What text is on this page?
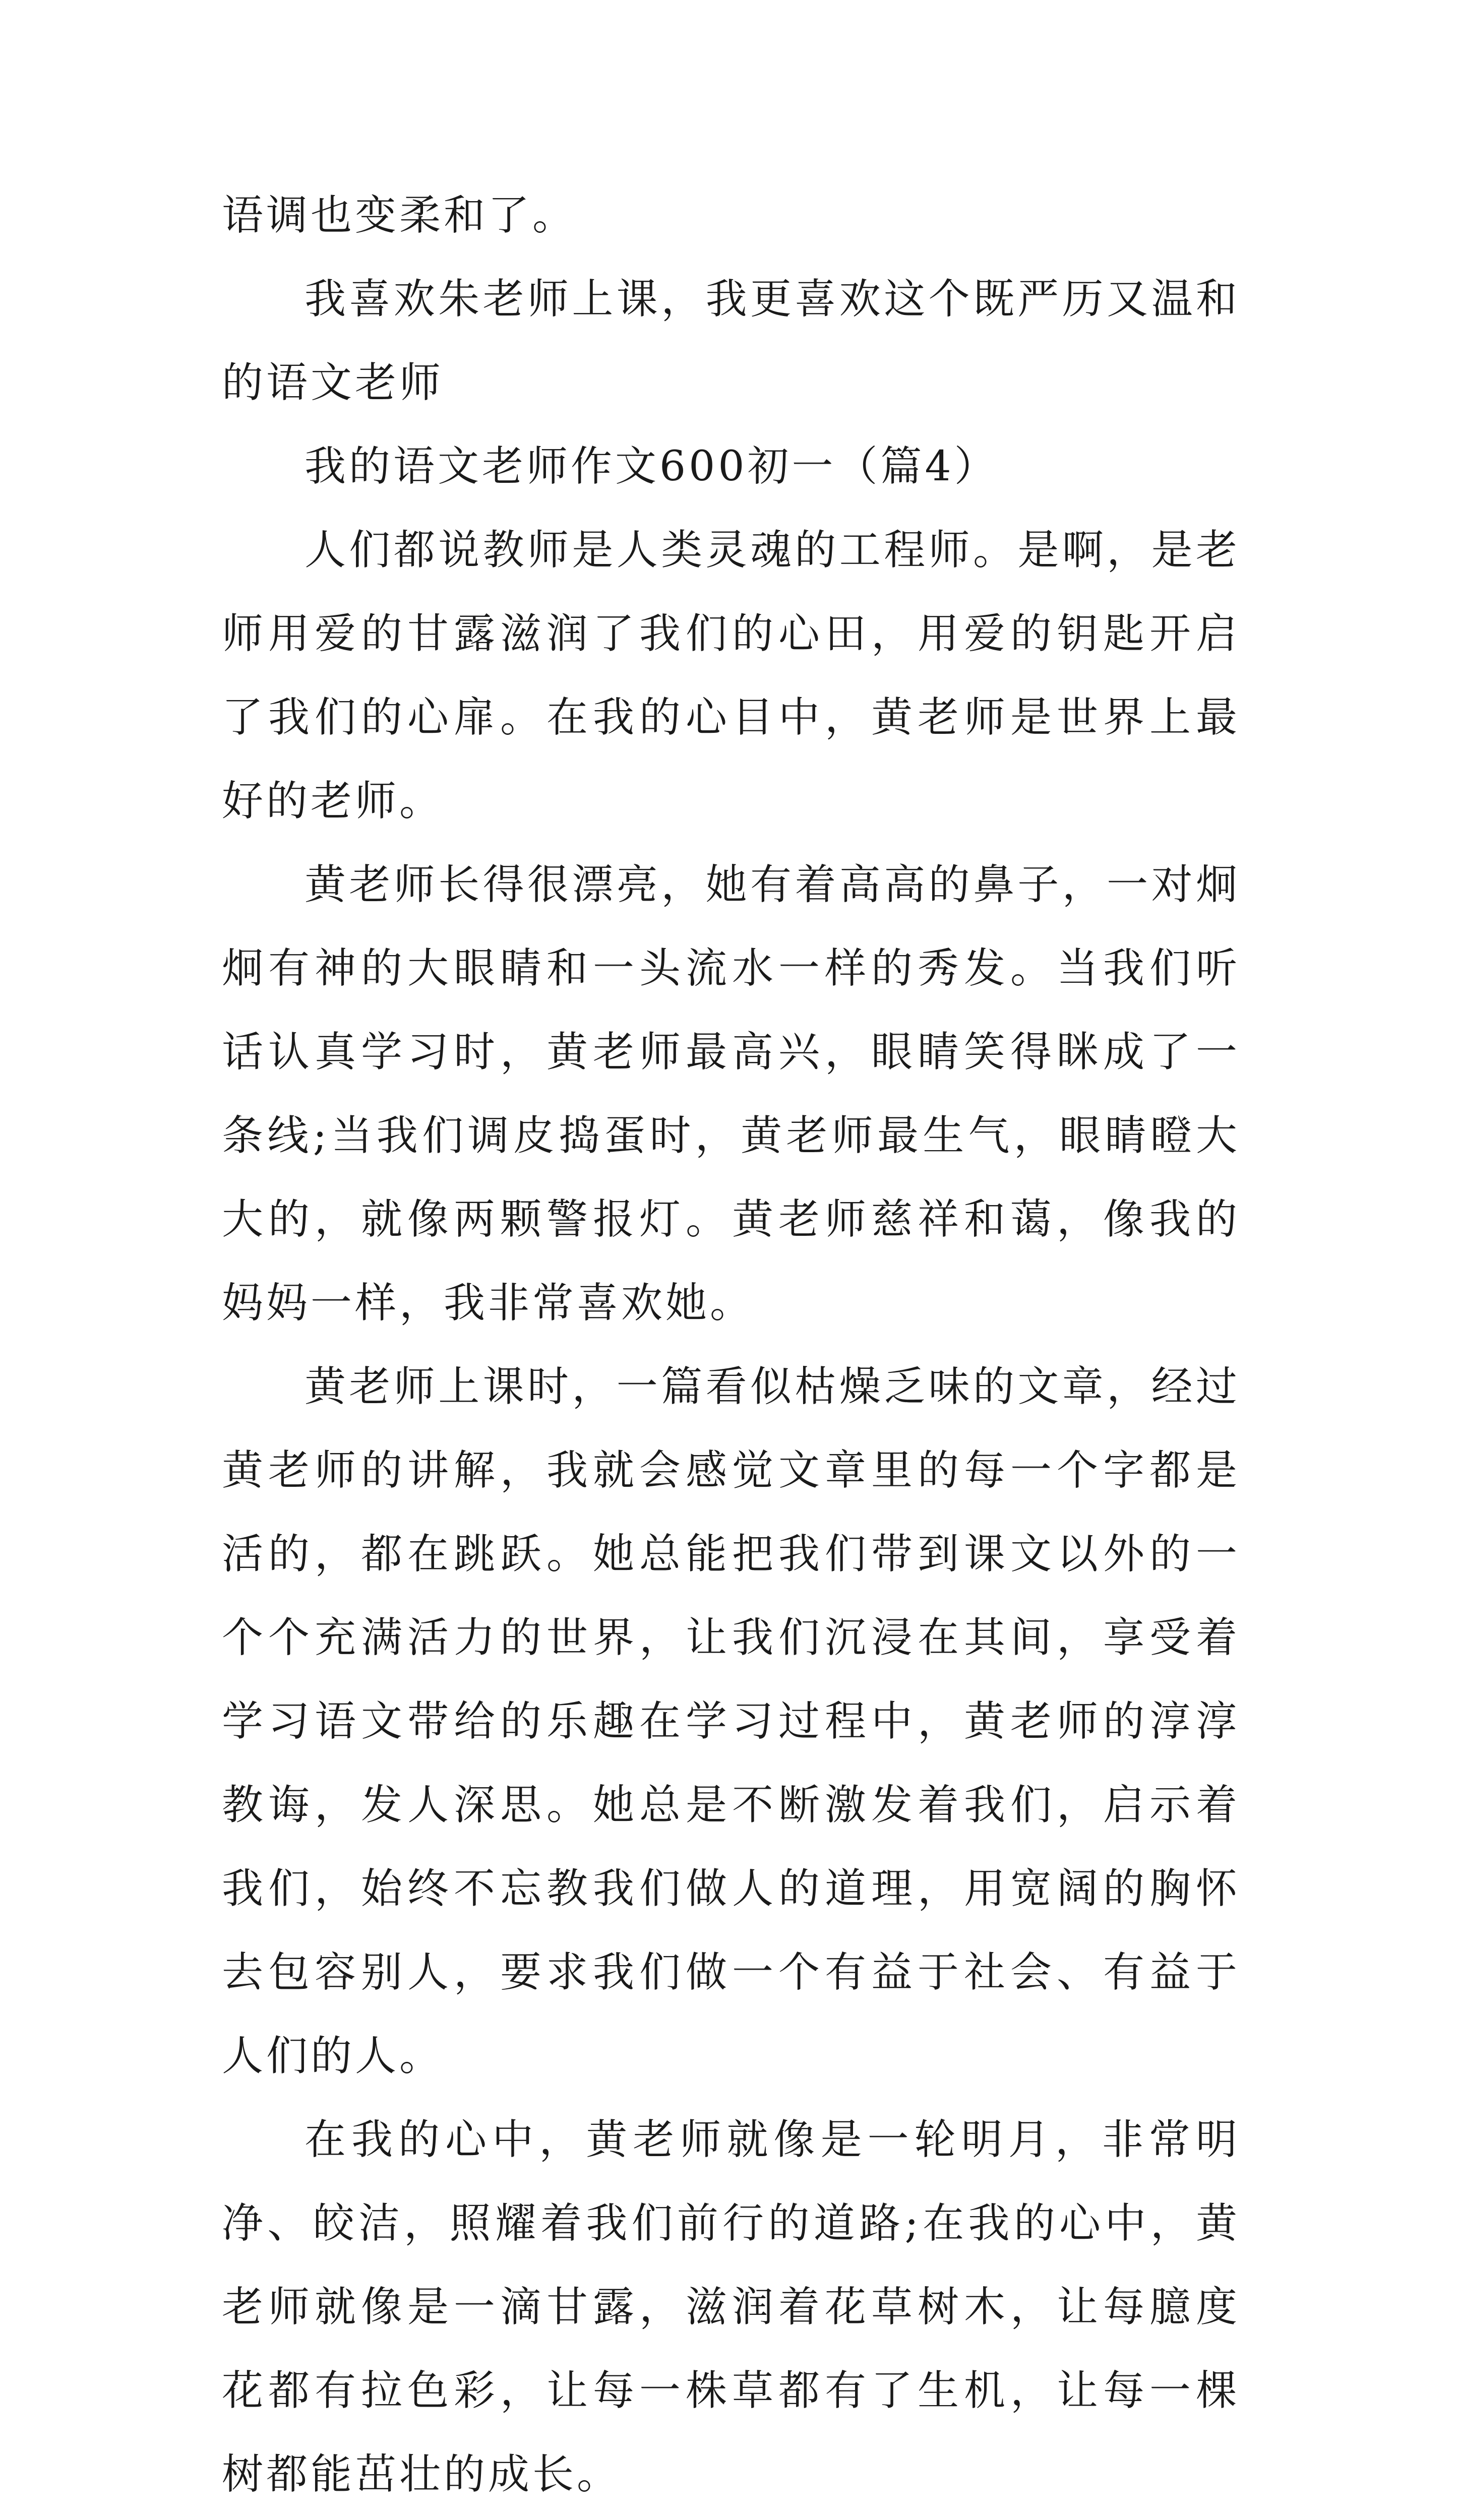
语调也变柔和了。

我喜欢朱老师上课，我更喜欢这个既严历又温和的语文老师

我的语文老师作文600初一（篇4）

人们都说教师是人类灵魂的工程师。是啊，是老师用爱的甘露滋润了我们的心田，用爱的钥匙开启了我们的心扉。在我的心目中，黄老师是世界上最好的老师。

黄老师长得很漂亮，她有着高高的鼻子，一对炯炯有神的大眼睛和一头流水一样的秀发。当我们听话认真学习时，黄老师最高兴，眼睛笑得眯成了一条线;当我们调皮捣蛋时，黄老师最生气，眼睛瞪大大的，就像两颗警报灯。黄老师慈祥和蔼，像我的妈妈一样，我非常喜欢她。

黄老师上课时，一篇看似枯燥乏味的文章，经过黄老师的讲解，我就会感觉文章里的每一个字都是活的，都在跳跃。她总能把我们带到课文以外的一个个充满活力的世界，让我们沉浸在其间，享受着学习语文带给的乐趣在学习过程中，黄老师的淳淳教诲，发人深思。她总是不断激发着我们，启示着我们，始终不忘教我们做人的道理，用宽阔的胸怀去包容别人，要求我们做一个有益于社会、有益于人们的人。

在我的心中，黄老师就像是一轮明月，非常明净、皎洁，照耀着我们前行的道路;在我的心中，黄老师就像是一滴甘露，滋润着花草树木，让每臆度花都有拉色彩，让每一株草都有了生机，让每一棵树都能茁壮的成长。
